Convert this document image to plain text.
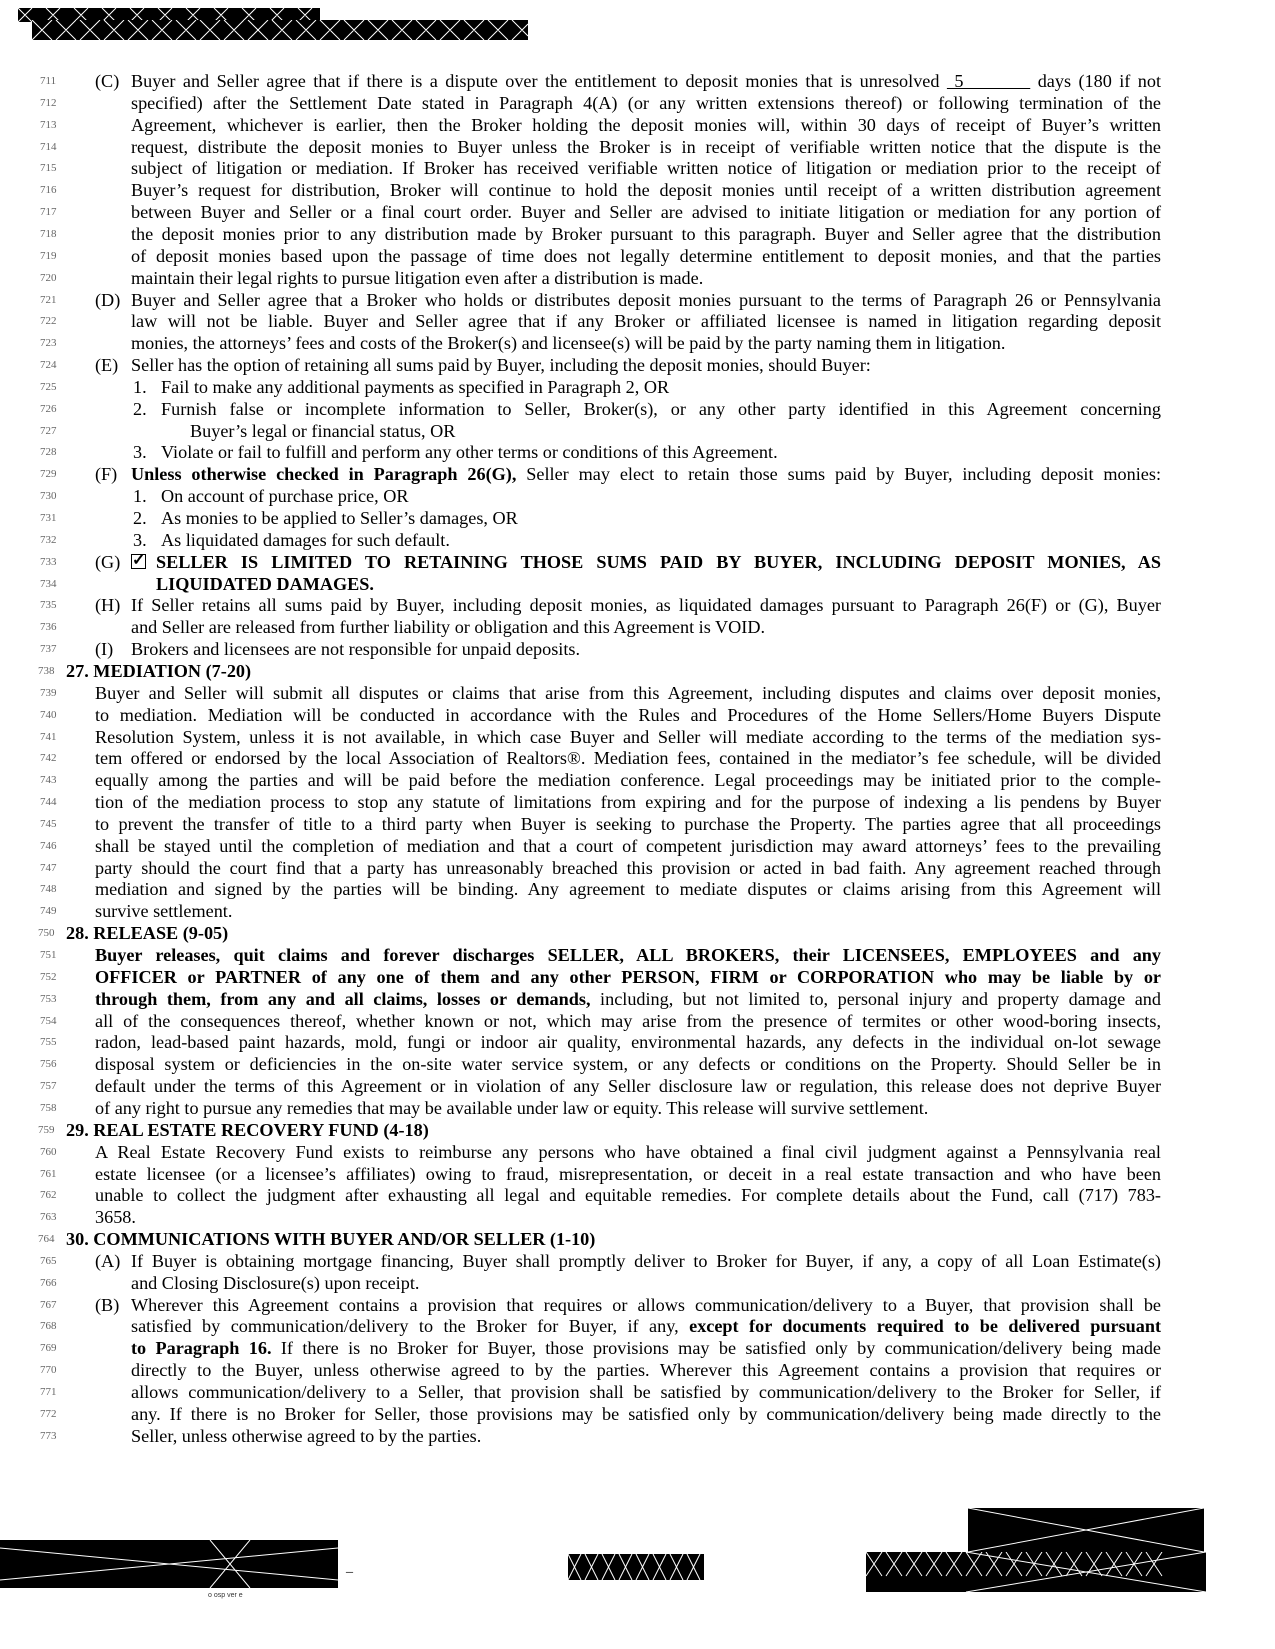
711	(C) Buyer and Seller agree that if there is a dispute over the entitlement to deposit monies that is unresolved  5          days (180 if not
712	specified) after the Settlement Date stated in Paragraph 4(A) (or any written extensions thereof) or following termination of the
713	Agreement, whichever is earlier, then the Broker holding the deposit monies will, within 30 days of receipt of Buyer’s written
714	request, distribute the deposit monies to Buyer unless the Broker is in receipt of verifiable written notice that the dispute is the
715	subject of litigation or mediation. If Broker has received verifiable written notice of litigation or mediation prior to the receipt of
716	Buyer’s request for distribution, Broker will continue to hold the deposit monies until receipt of a written distribution agreement
717	between Buyer and Seller or a final court order. Buyer and Seller are advised to initiate litigation or mediation for any portion of
718	the deposit monies prior to any distribution made by Broker pursuant to this paragraph. Buyer and Seller agree that the distribution
719	of deposit monies based upon the passage of time does not legally determine entitlement to deposit monies, and that the parties
720	maintain their legal rights to pursue litigation even after a distribution is made.
721	(D) Buyer and Seller agree that a Broker who holds or distributes deposit monies pursuant to the terms of Paragraph 26 or Pennsylvania
722	law will not be liable. Buyer and Seller agree that if any Broker or affiliated licensee is named in litigation regarding deposit
723	monies, the attorneys’ fees and costs of the Broker(s) and licensee(s) will be paid by the party naming them in litigation.
724	(E) Seller has the option of retaining all sums paid by Buyer, including the deposit monies, should Buyer:
725	1. Fail to make any additional payments as specified in Paragraph 2, OR
726	2. Furnish false or incomplete information to Seller, Broker(s), or any other party identified in this Agreement concerning
727	Buyer’s legal or financial status, OR
728	3. Violate or fail to fulfill and perform any other terms or conditions of this Agreement.
729	(F) Unless otherwise checked in Paragraph 26(G), Seller may elect to retain those sums paid by Buyer, including deposit monies:
730	1. On account of purchase price, OR
731	2. As monies to be applied to Seller’s damages, OR
732	3. As liquidated damages for such default.
733	(G) ✓ SELLER IS LIMITED TO RETAINING THOSE SUMS PAID BY BUYER, INCLUDING DEPOSIT MONIES, AS
734	LIQUIDATED DAMAGES.
735	(H) If Seller retains all sums paid by Buyer, including deposit monies, as liquidated damages pursuant to Paragraph 26(F) or (G), Buyer
736	and Seller are released from further liability or obligation and this Agreement is VOID.
737	(I) Brokers and licensees are not responsible for unpaid deposits.
738 27. MEDIATION (7-20)
739	Buyer and Seller will submit all disputes or claims that arise from this Agreement, including disputes and claims over deposit monies,
740	to mediation. Mediation will be conducted in accordance with the Rules and Procedures of the Home Sellers/Home Buyers Dispute
741	Resolution System, unless it is not available, in which case Buyer and Seller will mediate according to the terms of the mediation sys-
742	tem offered or endorsed by the local Association of Realtors®. Mediation fees, contained in the mediator’s fee schedule, will be divided
743	equally among the parties and will be paid before the mediation conference. Legal proceedings may be initiated prior to the comple-
744	tion of the mediation process to stop any statute of limitations from expiring and for the purpose of indexing a lis pendens by Buyer
745	to prevent the transfer of title to a third party when Buyer is seeking to purchase the Property. The parties agree that all proceedings
746	shall be stayed until the completion of mediation and that a court of competent jurisdiction may award attorneys’ fees to the prevailing
747	party should the court find that a party has unreasonably breached this provision or acted in bad faith. Any agreement reached through
748	mediation and signed by the parties will be binding. Any agreement to mediate disputes or claims arising from this Agreement will
749	survive settlement.
750 28. RELEASE (9-05)
751	Buyer releases, quit claims and forever discharges SELLER, ALL BROKERS, their LICENSEES, EMPLOYEES and any
752	OFFICER or PARTNER of any one of them and any other PERSON, FIRM or CORPORATION who may be liable by or
753	through them, from any and all claims, losses or demands, including, but not limited to, personal injury and property damage and
754	all of the consequences thereof, whether known or not, which may arise from the presence of termites or other wood-boring insects,
755	radon, lead-based paint hazards, mold, fungi or indoor air quality, environmental hazards, any defects in the individual on-lot sewage
756	disposal system or deficiencies in the on-site water service system, or any defects or conditions on the Property. Should Seller be in
757	default under the terms of this Agreement or in violation of any Seller disclosure law or regulation, this release does not deprive Buyer
758	of any right to pursue any remedies that may be available under law or equity. This release will survive settlement.
759 29. REAL ESTATE RECOVERY FUND (4-18)
760	A Real Estate Recovery Fund exists to reimburse any persons who have obtained a final civil judgment against a Pennsylvania real
761	estate licensee (or a licensee’s affiliates) owing to fraud, misrepresentation, or deceit in a real estate transaction and who have been
762	unable to collect the judgment after exhausting all legal and equitable remedies. For complete details about the Fund, call (717) 783-
763	3658.
764 30. COMMUNICATIONS WITH BUYER AND/OR SELLER (1-10)
765	(A) If Buyer is obtaining mortgage financing, Buyer shall promptly deliver to Broker for Buyer, if any, a copy of all Loan Estimate(s)
766	and Closing Disclosure(s) upon receipt.
767	(B) Wherever this Agreement contains a provision that requires or allows communication/delivery to a Buyer, that provision shall be
768	satisfied by communication/delivery to the Broker for Buyer, if any, except for documents required to be delivered pursuant
769	to Paragraph 16. If there is no Broker for Buyer, those provisions may be satisfied only by communication/delivery being made
770	directly to the Buyer, unless otherwise agreed to by the parties. Wherever this Agreement contains a provision that requires or
771	allows communication/delivery to a Seller, that provision shall be satisfied by communication/delivery to the Broker for Seller, if
772	any. If there is no Broker for Seller, those provisions may be satisfied only by communication/delivery being made directly to the
773	Seller, unless otherwise agreed to by the parties.
_
o osp ver e
